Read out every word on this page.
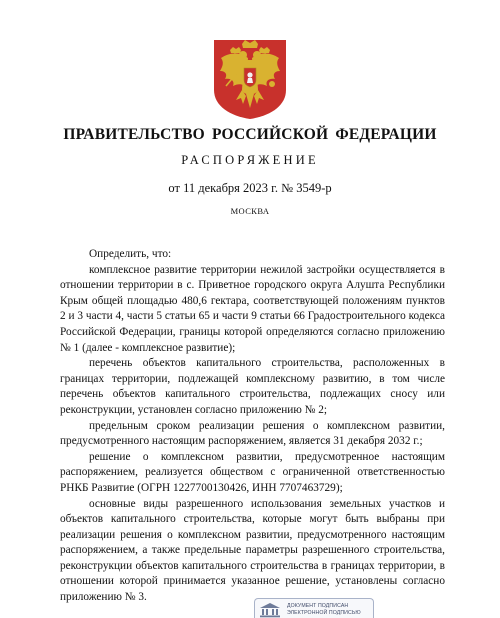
ПРАВИТЕЛЬСТВО РОССИЙСКОЙ ФЕДЕРАЦИИ
РАСПОРЯЖЕНИЕ
от 11 декабря 2023 г. № 3549-р
МОСКВА

Определить, что:

комплексное развитие территории нежилой застройки осуществляется в отношении территории в с. Приветное городского округа Алушта Республики Крым общей площадью 480,6 гектара, соответствующей положениям пунктов 2 и 3 части 4, части 5 статьи 65 и части 9 статьи 66 Градостроительного кодекса Российской Федерации, границы которой определяются согласно приложению № 1 (далее - комплексное развитие);

перечень объектов капитального строительства, расположенных в границах территории, подлежащей комплексному развитию, в том числе перечень объектов капитального строительства, подлежащих сносу или реконструкции, установлен согласно приложению № 2;

предельным сроком реализации решения о комплексном развитии, предусмотренного настоящим распоряжением, является 31 декабря 2032 г.;

решение о комплексном развитии, предусмотренное настоящим распоряжением, реализуется обществом с ограниченной ответственностью РНКБ Развитие (ОГРН 1227700130426, ИНН 7707463729);

основные виды разрешенного использования земельных участков и объектов капитального строительства, которые могут быть выбраны при реализации решения о комплексном развитии, предусмотренного настоящим распоряжением, а также предельные параметры разрешенного строительства, реконструкции объектов капитального строительства в границах территории, в отношении которой принимается указанное решение, установлены согласно приложению № 3.

ДОКУМЕНТ ПОДПИСАН
ЭЛЕКТРОННОЙ ПОДПИСЬЮ
